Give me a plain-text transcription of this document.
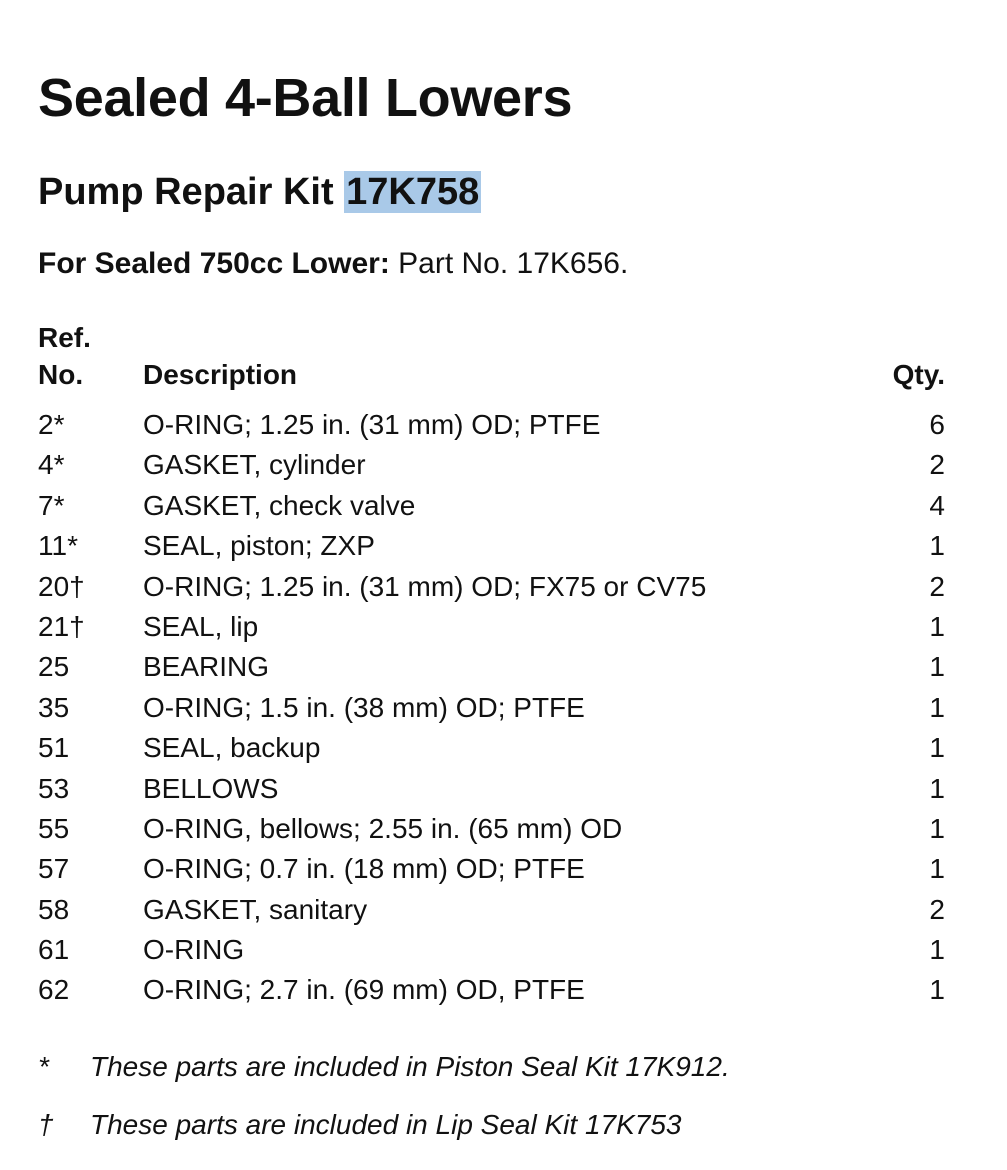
Sealed 4-Ball Lowers
Pump Repair Kit 17K758
For Sealed 750cc Lower: Part No. 17K656.
Ref.
No. Description	Qty.
2*	O-RING; 1.25 in. (31 mm) OD; PTFE	6
4*	GASKET, cylinder	2
7*	GASKET, check valve	4
11* SEAL, piston; ZXP	1
20† O-RING; 1.25 in. (31 mm) OD; FX75 or CV75	2
21† SEAL, lip	1
25	BEARING	1
35	O-RING; 1.5 in. (38 mm) OD; PTFE	1
51	SEAL, backup	1
53	BELLOWS	1
55	O-RING, bellows; 2.55 in. (65 mm) OD	1
57	O-RING; 0.7 in. (18 mm) OD; PTFE	1
58	GASKET, sanitary	2
61	O-RING	1
62	O-RING; 2.7 in. (69 mm) OD, PTFE	1
* These parts are included in Piston Seal Kit 17K912.
† These parts are included in Lip Seal Kit 17K753
